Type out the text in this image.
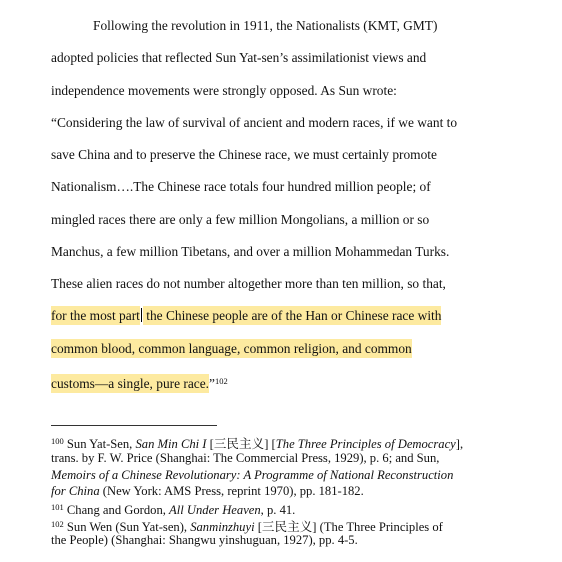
Following the revolution in 1911, the Nationalists (KMT, GMT)
adopted policies that reflected Sun Yat-sen’s assimilationist views and
independence movements were strongly opposed. As Sun wrote:
“Considering the law of survival of ancient and modern races, if we want to
save China and to preserve the Chinese race, we must certainly promote
Nationalism….The Chinese race totals four hundred million people; of
mingled races there are only a few million Mongolians, a million or so
Manchus, a few million Tibetans, and over a million Mohammedan Turks.
These alien races do not number altogether more than ten million, so that,
for the most part the Chinese people are of the Han or Chinese race with
common blood, common language, common religion, and common
customs—a single, pure race.”$^{102}$
$^{100}$ Sun Yat-Sen, San Min Chi I [三民主义] [The Three Principles of Democracy],
trans. by F. W. Price (Shanghai: The Commercial Press, 1929), p. 6; and Sun,
Memoirs of a Chinese Revolutionary: A Programme of National Reconstruction
for China (New York: AMS Press, reprint 1970), pp. 181-182.
$^{101}$ Chang and Gordon, All Under Heaven, p. 41.
$^{102}$ Sun Wen (Sun Yat-sen), Sanminzhuyi [三民主义] (The Three Principles of
the People) (Shanghai: Shangwu yinshuguan, 1927), pp. 4-5.
